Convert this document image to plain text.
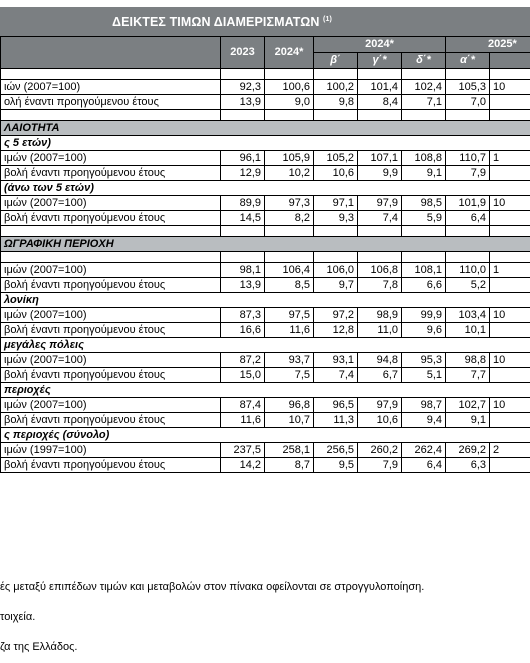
ΔΕΙΚΤΕΣ ΤΙΜΩΝ ΔΙΑΜΕΡΙΣΜΑΤΩΝ $^{(1)}$
	2023	2024*	2024*			2025*	
			β΄	γ΄*	δ΄*	α΄*	

ιών (2007=100)	92,3	100,6	100,2	101,4	102,4	105,3	10
ολή έναντι προηγούμενου έτους	13,9	9,0	9,8	8,4	7,1	7,0	

ΛΑΙΟΤΗΤΑ							
ς 5 ετών)							
ιμών (2007=100)	96,1	105,9	105,2	107,1	108,8	110,7	1
βολή έναντι προηγούμενου έτους	12,9	10,2	10,6	9,9	9,1	7,9	
(άνω των 5 ετών)							
ιμών (2007=100)	89,9	97,3	97,1	97,9	98,5	101,9	10
βολή έναντι προηγούμενου έτους	14,5	8,2	9,3	7,4	5,9	6,4	

ΩΓΡΑΦΙΚΗ ΠΕΡΙΟΧΗ							

ιμών (2007=100)	98,1	106,4	106,0	106,8	108,1	110,0	1
βολή έναντι προηγούμενου έτους	13,9	8,5	9,7	7,8	6,6	5,2	
λονίκη							
ιμών (2007=100)	87,3	97,5	97,2	98,9	99,9	103,4	10
βολή έναντι προηγούμενου έτους	16,6	11,6	12,8	11,0	9,6	10,1	
μεγάλες πόλεις							
ιμών (2007=100)	87,2	93,7	93,1	94,8	95,3	98,8	10
βολή έναντι προηγούμενου έτους	15,0	7,5	7,4	6,7	5,1	7,7	
περιοχές							
ιμών (2007=100)	87,4	96,8	96,5	97,9	98,7	102,7	10
βολή έναντι προηγούμενου έτους	11,6	10,7	11,3	10,6	9,4	9,1	
ς περιοχές (σύνολο)							
ιμών (1997=100)	237,5	258,1	256,5	260,2	262,4	269,2	2
βολή έναντι προηγούμενου έτους	14,2	8,7	9,5	7,9	6,4	6,3	
ές μεταξύ επιπέδων τιμών και μεταβολών στον πίνακα οφείλονται σε στρογγυλοποίηση.
τοιχεία.
ζα της Ελλάδος.
